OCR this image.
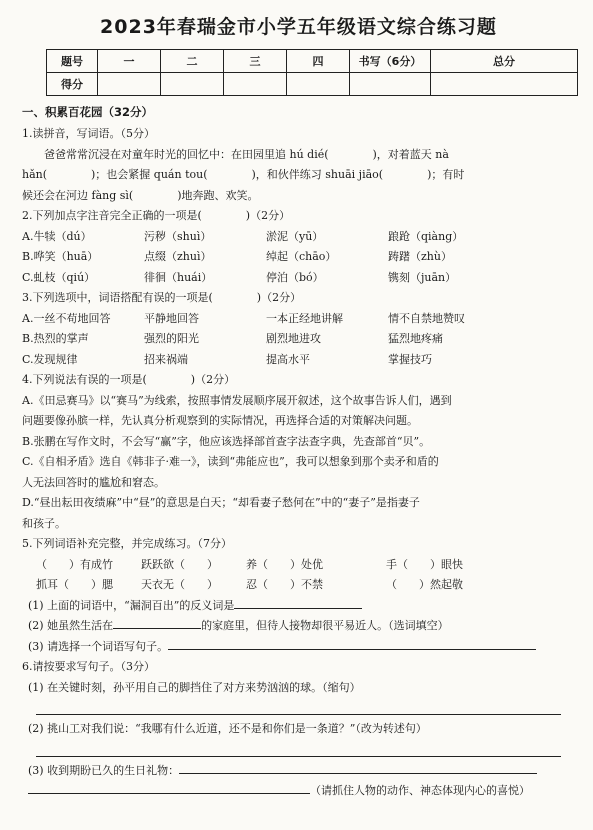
2023年春瑞金市小学五年级语文综合练习题
题号	一	二	三	四	书写（6分）	总分
得分						
一、积累百花园（32分）
1.读拼音，写词语。（5分）
爸爸常常沉浸在对童年时光的回忆中：在田园里追 hú dié(　　　　)，对着蓝天 nà
hǎn(　　　　)；也会紧握 quán tou(　　　　)，和伙伴练习 shuāi jiāo(　　　　)；有时
候还会在河边 fàng sì(　　　　)地奔跑、欢笑。
2.下列加点字注音完全正确的一项是(　　　　)（2分）
A.牛犊（dú）	污秽（shuì）	淤泥（yū）	踉跄（qiàng）
B.哗笑（huā）	点缀（zhuì）	绰起（chāo）	踌躇（zhù）
C.虬枝（qiú）	徘徊（huái）	停泊（bó）	镌刻（juān）
3.下列选项中，词语搭配有误的一项是(　　　　)（2分）
A.一丝不苟地回答	平静地回答	一本正经地讲解	情不自禁地赞叹
B.热烈的掌声	强烈的阳光	剧烈地进攻	猛烈地疼痛
C.发现规律	招来祸端	提高水平	掌握技巧
4.下列说法有误的一项是(　　　　)（2分）
A.《田忌赛马》以“赛马”为线索，按照事情发展顺序展开叙述，这个故事告诉人们，遇到
问题要像孙膑一样，先认真分析观察到的实际情况，再选择合适的对策解决问题。
B.张鹏在写作文时，不会写“赢”字，他应该选择部首查字法查字典，先查部首“贝”。
C.《自相矛盾》选自《韩非子·难一》，读到“弗能应也”，我可以想象到那个卖矛和盾的
人无法回答时的尴尬和窘态。
D.“昼出耘田夜绩麻”中“昼”的意思是白天；“却看妻子愁何在”中的“妻子”是指妻子
和孩子。
5.下列词语补充完整，并完成练习。（7分）
（　　）有成竹	跃跃欲（　　）	养（　　）处优	手（　　）眼快
抓耳（　　）腮	天衣无（　　）	忍（　　）不禁	（　　）然起敬
(1) 上面的词语中，“漏洞百出”的反义词是
(2) 她虽然生活在	的家庭里，但待人接物却很平易近人。（选词填空）
(3) 请选择一个词语写句子。
6.请按要求写句子。（3分）
(1) 在关键时刻，孙平用自己的脚挡住了对方来势汹汹的球。（缩句）
(2) 挑山工对我们说：“我哪有什么近道，还不是和你们是一条道？”（改为转述句）
(3) 收到期盼已久的生日礼物：
（请抓住人物的动作、神态体现内心的喜悦）
